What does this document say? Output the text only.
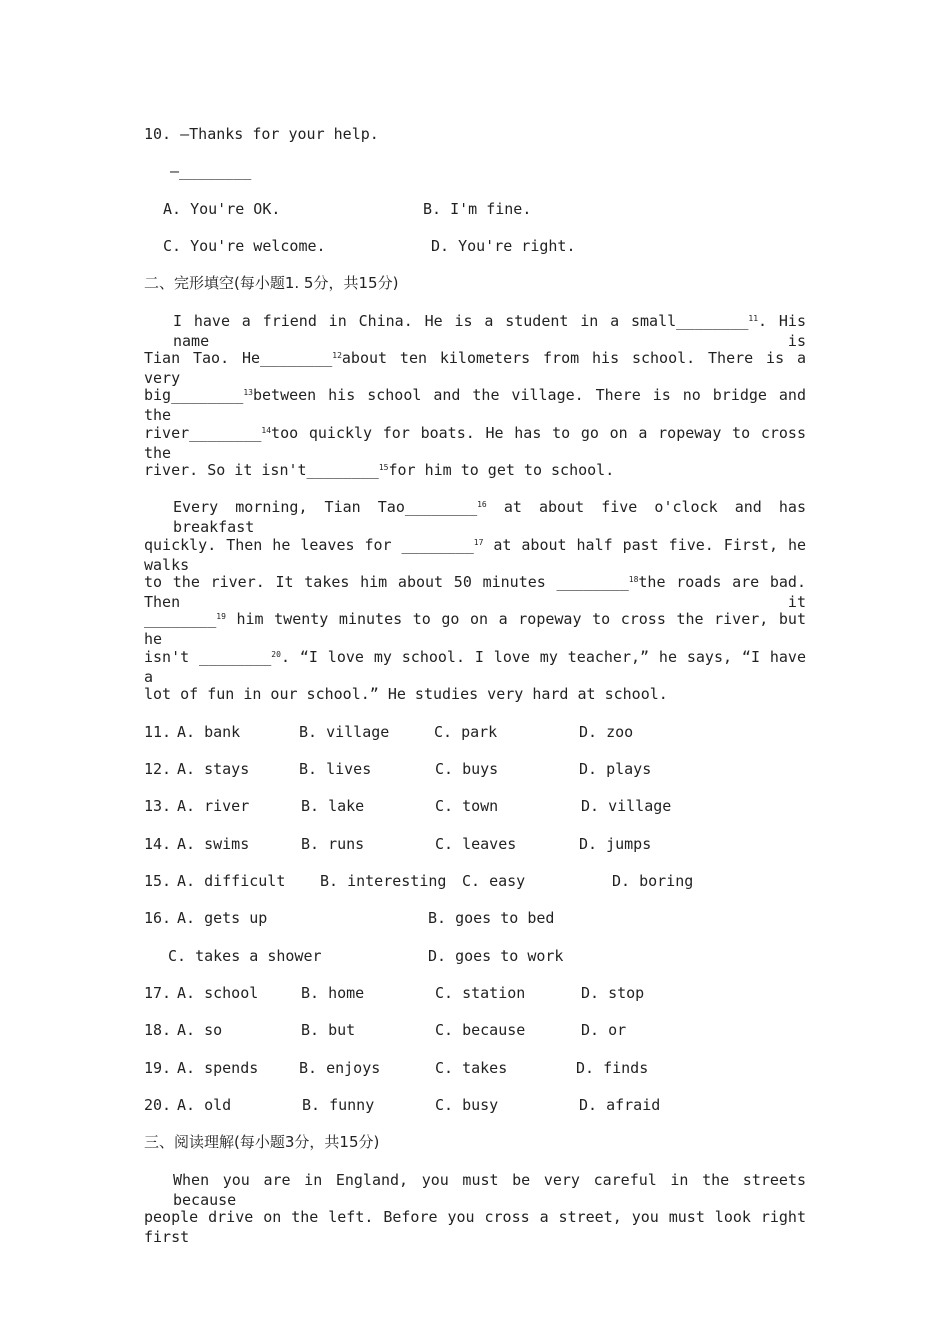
10. —Thanks for your help.
—________
A. You're OK.	B. I'm fine.
C. You're welcome.	D. You're right.
二、完形填空(每小题1. 5分，共15分)
I have a friend in China. He is a student in a small________$^{11}$. His name is
Tian Tao. He________$^{12}$about ten kilometers from his school. There is a very
big________$^{13}$between his school and the village. There is no bridge and the
river________$^{14}$too quickly for boats. He has to go on a ropeway to cross the
river. So it isn't________$^{15}$for him to get to school.
Every morning, Tian Tao________$^{16}$ at about five o'clock and has breakfast
quickly. Then he leaves for ________$^{17}$ at about half past five. First, he walks
to the river. It takes him about 50 minutes ________$^{18}$the roads are bad. Then it
________$^{19}$ him twenty minutes to go on a ropeway to cross the river, but he
isn't ________$^{20}$. “I love my school. I love my teacher,” he says, “I have a
lot of fun in our school.” He studies very hard at school.
11. A. bank	B. village	C. park	D. zoo
12. A. stays	B. lives	C. buys	D. plays
13. A. river	B. lake	C. town	D. village
14. A. swims	B. runs	C. leaves	D. jumps
15. A. difficult B. interesting C. easy	D. boring
16. A. gets up	B. goes to bed
C. takes a shower	D. goes to work
17. A. school	B. home	C. station	D. stop
18. A. so	B. but	C. because	D. or
19. A. spends	B. enjoys	C. takes	D. finds
20. A. old	B. funny	C. busy	D. afraid
三、阅读理解(每小题3分，共15分)
When you are in England, you must be very careful in the streets because
people drive on the left. Before you cross a street, you must look right first
